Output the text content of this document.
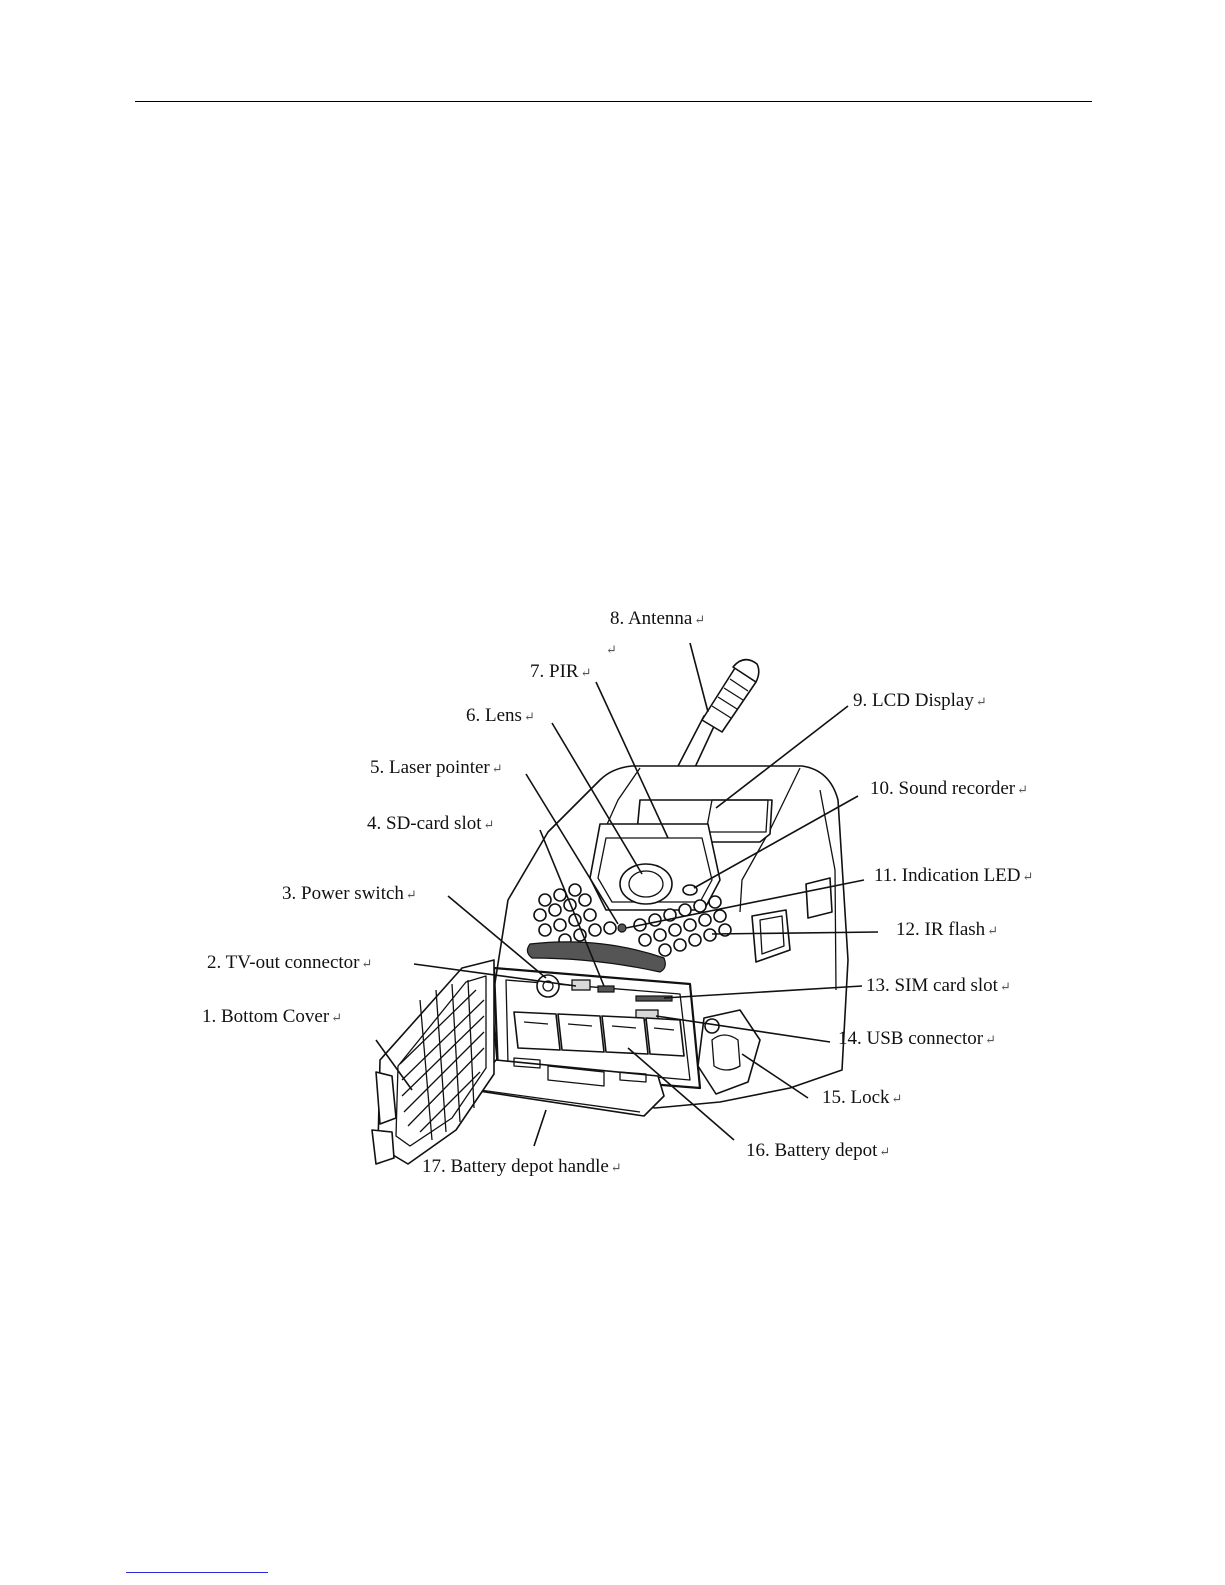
8. Antenna ↵
↵
7. PIR ↵
6. Lens ↵
5. Laser pointer ↵
4. SD-card slot ↵
3. Power switch ↵
2. TV-out connector ↵
1. Bottom Cover ↵
9. LCD Display ↵
10. Sound recorder ↵
11. Indication LED ↵
12. IR flash ↵
13. SIM card slot ↵
14. USB connector ↵
15. Lock ↵
16. Battery depot ↵
17. Battery depot handle ↵
